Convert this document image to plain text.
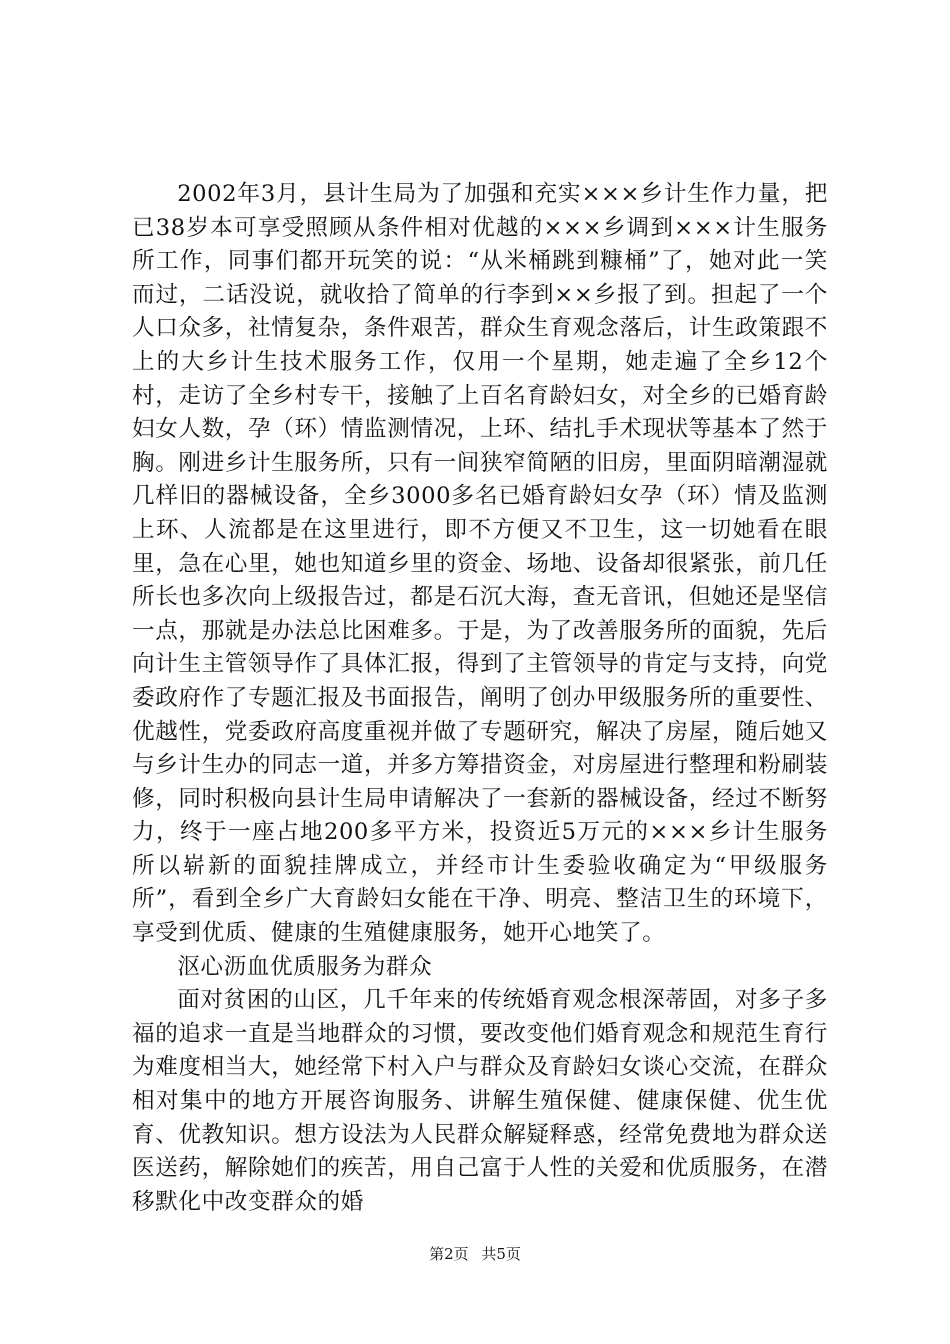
2002年3月，县计生局为了加强和充实×××乡计生作力量，把已38岁本可享受照顾从条件相对优越的×××乡调到×××计生服务所工作，同事们都开玩笑的说：“从米桶跳到糠桶”了，她对此一笑而过，二话没说，就收拾了简单的行李到××乡报了到。担起了一个人口众多，社情复杂，条件艰苦，群众生育观念落后，计生政策跟不上的大乡计生技术服务工作，仅用一个星期，她走遍了全乡12个村，走访了全乡村专干，接触了上百名育龄妇女，对全乡的已婚育龄妇女人数，孕（环）情监测情况，上环、结扎手术现状等基本了然于胸。刚进乡计生服务所，只有一间狭窄简陋的旧房，里面阴暗潮湿就几样旧的器械设备，全乡3000多名已婚育龄妇女孕（环）情及监测上环、人流都是在这里进行，即不方便又不卫生，这一切她看在眼里，急在心里，她也知道乡里的资金、场地、设备却很紧张，前几任所长也多次向上级报告过，都是石沉大海，查无音讯，但她还是坚信一点，那就是办法总比困难多。于是，为了改善服务所的面貌，先后向计生主管领导作了具体汇报，得到了主管领导的肯定与支持，向党委政府作了专题汇报及书面报告，阐明了创办甲级服务所的重要性、优越性，党委政府高度重视并做了专题研究，解决了房屋，随后她又与乡计生办的同志一道，并多方筹措资金，对房屋进行整理和粉刷装修，同时积极向县计生局申请解决了一套新的器械设备，经过不断努力，终于一座占地200多平方米，投资近5万元的×××乡计生服务所以崭新的面貌挂牌成立，并经市计生委验收确定为“甲级服务所”，看到全乡广大育龄妇女能在干净、明亮、整洁卫生的环境下，享受到优质、健康的生殖健康服务，她开心地笑了。

沤心沥血优质服务为群众

面对贫困的山区，几千年来的传统婚育观念根深蒂固，对多子多福的追求一直是当地群众的习惯，要改变他们婚育观念和规范生育行为难度相当大，她经常下村入户与群众及育龄妇女谈心交流，在群众相对集中的地方开展咨询服务、讲解生殖保健、健康保健、优生优育、优教知识。想方设法为人民群众解疑释惑，经常免费地为群众送医送药，解除她们的疾苦，用自己富于人性的关爱和优质服务，在潜移默化中改变群众的婚

第2页 共5页
